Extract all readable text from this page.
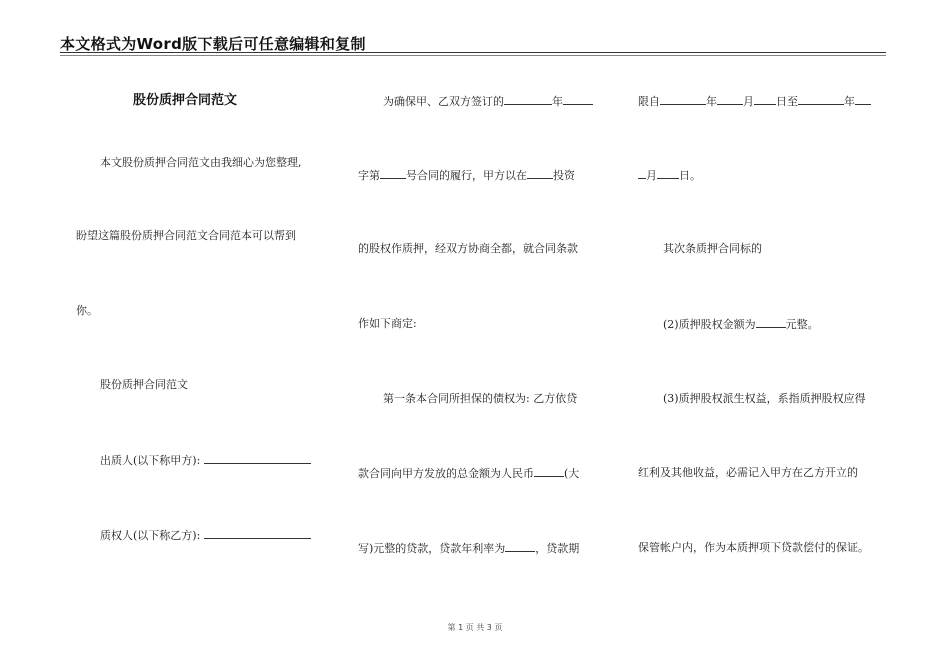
本文格式为Word版下载后可任意编辑和复制
股份质押合同范文
本文股份质押合同范文由我细心为您整理,
盼望这篇股份质押合同范文合同范本可以帮到
你。
股份质押合同范文
出质人(以下称甲方):
质权人(以下称乙方):
为确保甲、乙双方签订的	年
字第 号合同的履行，甲方以在 投资
的股权作质押，经双方协商全都，就合同条款
作如下商定:
第一条本合同所担保的债权为: 乙方依贷
款合同向甲方发放的总金额为人民币	(大
写)元整的贷款，贷款年利率为	，贷款期
限自	年 月 日至	年
月 日。
其次条质押合同标的
(2)质押股权金额为	元整。
(3)质押股权派生权益，系指质押股权应得
红利及其他收益，必需记入甲方在乙方开立的
保管帐户内，作为本质押项下贷款偿付的保证。
第 1 页 共 3 页
